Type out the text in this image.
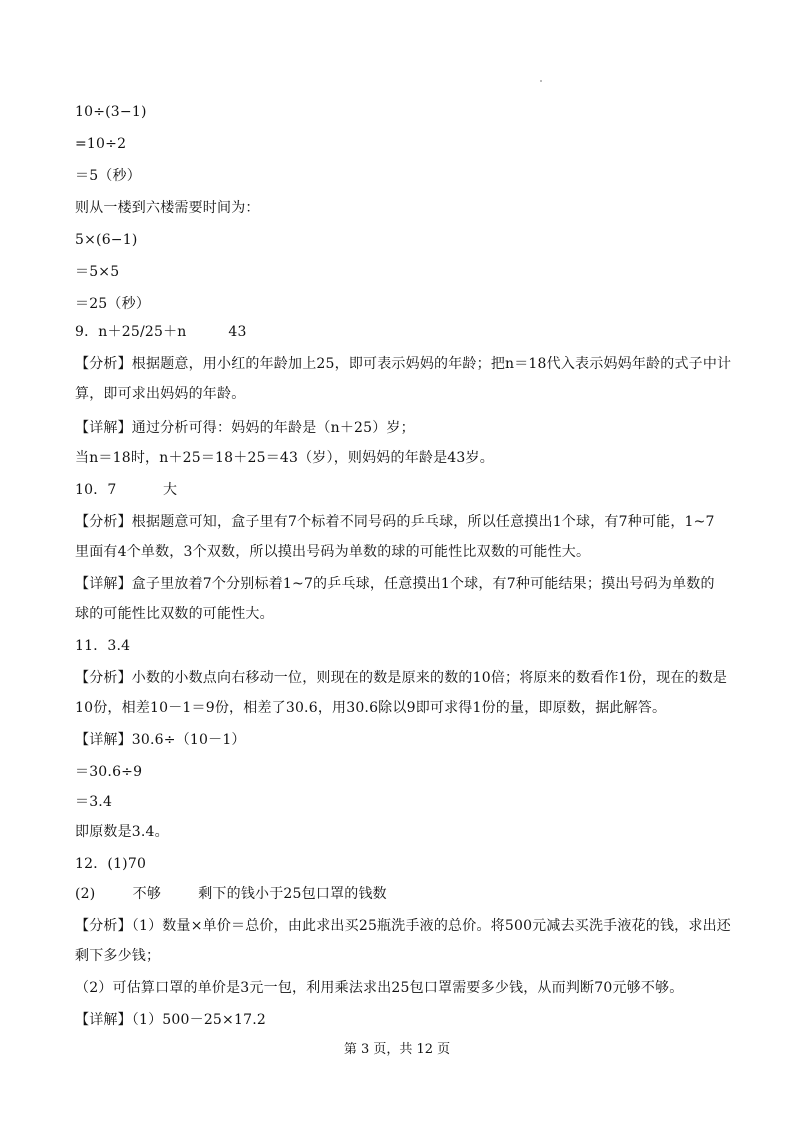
10÷(3−1)
=10÷2
＝5（秒）
则从一楼到六楼需要时间为：
5×(6−1)
＝5×5
＝25（秒）
9．n＋25/25＋n         43
【分析】根据题意，用小红的年龄加上25，即可表示妈妈的年龄；把n＝18代入表示妈妈年龄的式子中计
算，即可求出妈妈的年龄。
【详解】通过分析可得：妈妈的年龄是（n＋25）岁；
当n＝18时，n＋25＝18＋25＝43（岁），则妈妈的年龄是43岁。
10．7          大
【分析】根据题意可知，盒子里有7个标着不同号码的乒乓球，所以任意摸出1个球，有7种可能，1~7
里面有4个单数，3个双数，所以摸出号码为单数的球的可能性比双数的可能性大。
【详解】盒子里放着7个分别标着1~7的乒乓球，任意摸出1个球，有7种可能结果；摸出号码为单数的
球的可能性比双数的可能性大。
11．3.4
【分析】小数的小数点向右移动一位，则现在的数是原来的数的10倍；将原来的数看作1份，现在的数是
10份，相差10－1＝9份，相差了30.6，用30.6除以9即可求得1份的量，即原数，据此解答。
【详解】30.6÷（10－1）
＝30.6÷9
＝3.4
即原数是3.4。
12．(1)70
(2)        不够        剩下的钱小于25包口罩的钱数
【分析】（1）数量×单价＝总价，由此求出买25瓶洗手液的总价。将500元减去买洗手液花的钱，求出还
剩下多少钱；
（2）可估算口罩的单价是3元一包，利用乘法求出25包口罩需要多少钱，从而判断70元够不够。
【详解】（1）500－25×17.2
第 3 页，共 12 页
